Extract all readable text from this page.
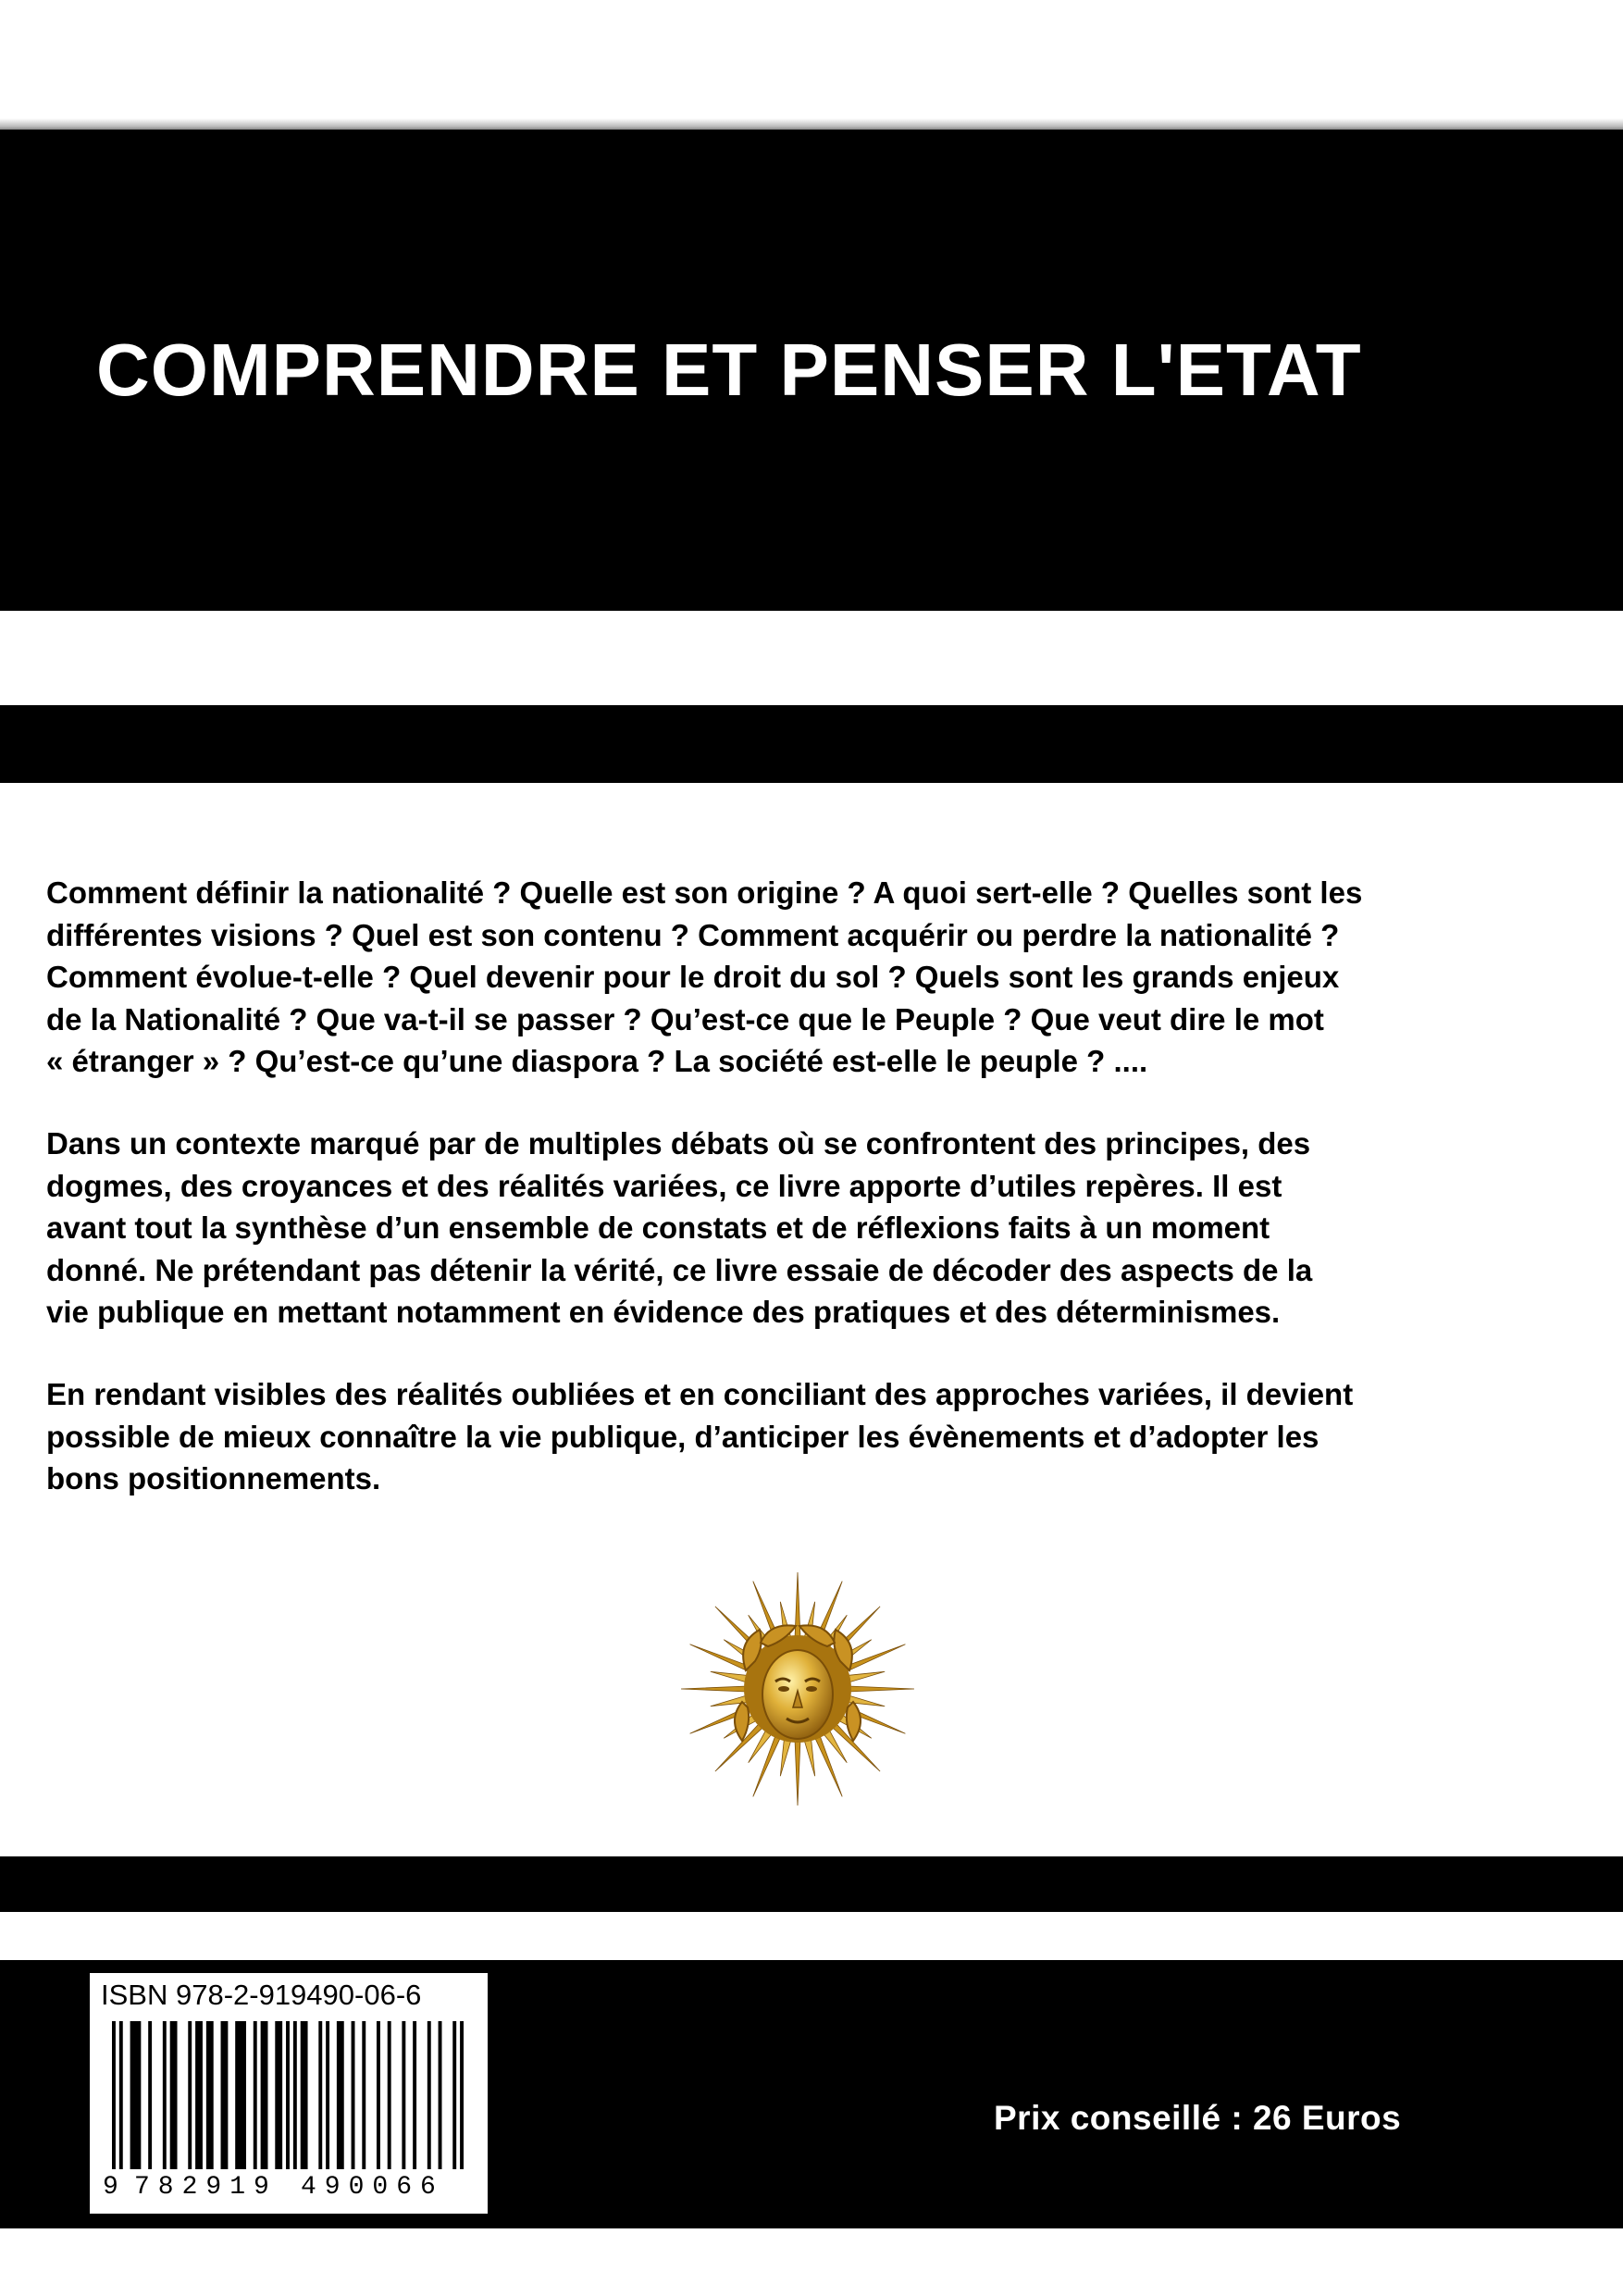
COMPRENDRE ET PENSER L'ETAT

Comment définir la nationalité ? Quelle est son origine ? A quoi sert-elle ? Quelles sont les
différentes visions ? Quel est son contenu ? Comment acquérir ou perdre la nationalité ?
Comment évolue-t-elle ? Quel devenir pour le droit du sol ? Quels sont les grands enjeux
de la Nationalité ? Que va-t-il se passer ? Qu’est-ce que le Peuple ? Que veut dire le mot
« étranger » ? Qu’est-ce qu’une diaspora ? La société est-elle le peuple ? ....

Dans un contexte marqué par de multiples débats où se confrontent des principes, des
dogmes, des croyances et des réalités variées, ce livre apporte d’utiles repères. Il est
avant tout la synthèse d’un ensemble de constats et de réflexions faits à un moment
donné. Ne prétendant pas détenir la vérité, ce livre essaie de décoder des aspects de la
vie publique en mettant notamment en évidence des pratiques et des déterminismes.

En rendant visibles des réalités oubliées et en conciliant des approches variées, il devient
possible de mieux connaître la vie publique, d’anticiper les évènements et d’adopter les
bons positionnements.

ISBN 978-2-919490-06-6
9 782919 490066
Prix conseillé : 26 Euros
